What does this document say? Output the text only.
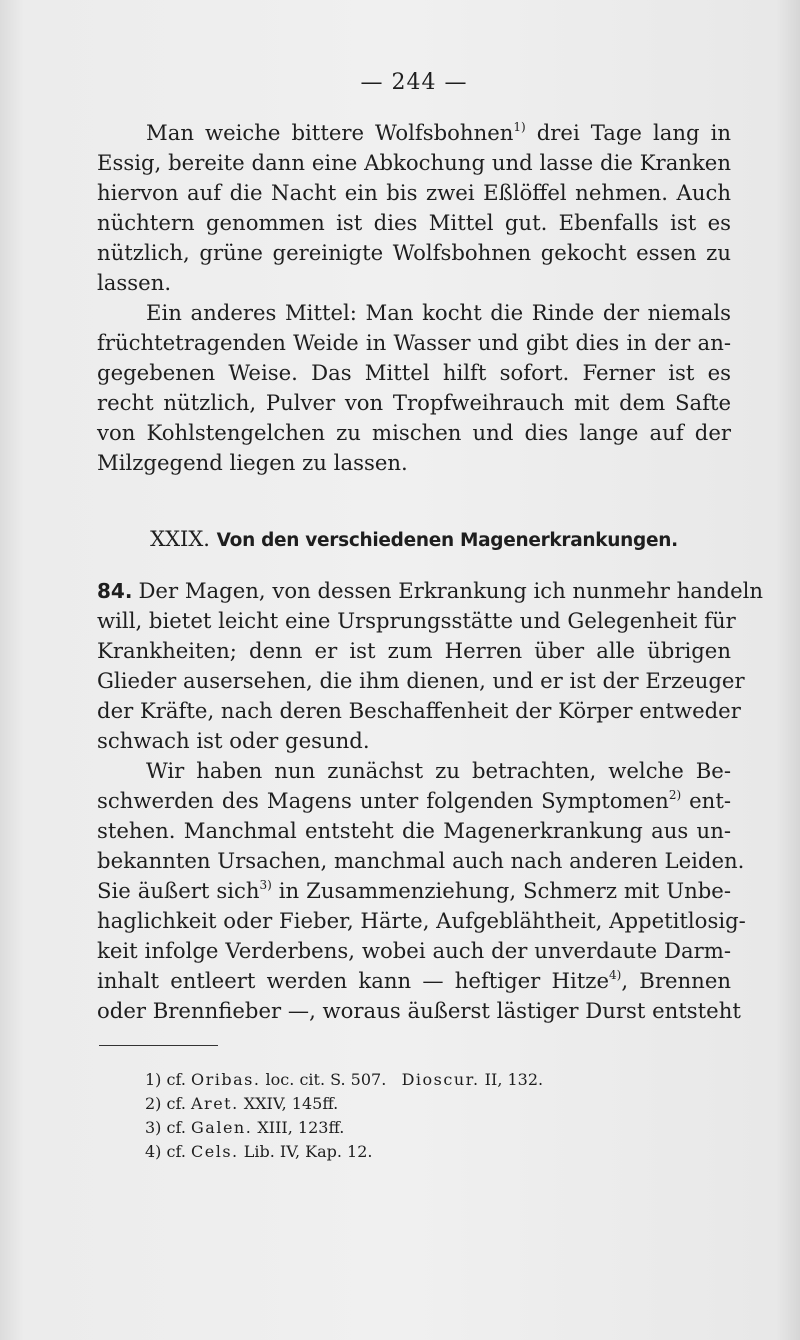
— 244 —
Man weiche bittere Wolfsbohnen$^{1)}$ drei Tage lang in
Essig, bereite dann eine Abkochung und lasse die Kranken
hiervon auf die Nacht ein bis zwei Eßlöffel nehmen. Auch
nüchtern genommen ist dies Mittel gut. Ebenfalls ist es
nützlich, grüne gereinigte Wolfsbohnen gekocht essen zu
lassen.
Ein anderes Mittel: Man kocht die Rinde der niemals
früchtetragenden Weide in Wasser und gibt dies in der an-
gegebenen Weise. Das Mittel hilft sofort. Ferner ist es
recht nützlich, Pulver von Tropfweihrauch mit dem Safte
von Kohlstengelchen zu mischen und dies lange auf der
Milzgegend liegen zu lassen.
XXIX. Von den verschiedenen Magenerkrankungen.
84. Der Magen, von dessen Erkrankung ich nunmehr handeln
will, bietet leicht eine Ursprungsstätte und Gelegenheit für
Krankheiten; denn er ist zum Herren über alle übrigen
Glieder ausersehen, die ihm dienen, und er ist der Erzeuger
der Kräfte, nach deren Beschaffenheit der Körper entweder
schwach ist oder gesund.
Wir haben nun zunächst zu betrachten, welche Be-
schwerden des Magens unter folgenden Symptomen$^{2)}$ ent-
stehen. Manchmal entsteht die Magenerkrankung aus un-
bekannten Ursachen, manchmal auch nach anderen Leiden.
Sie äußert sich$^{3)}$ in Zusammenziehung, Schmerz mit Unbe-
haglichkeit oder Fieber, Härte, Aufgeblähtheit, Appetitlosig-
keit infolge Verderbens, wobei auch der unverdaute Darm-
inhalt entleert werden kann — heftiger Hitze$^{4)}$, Brennen
oder Brennfieber —, woraus äußerst lästiger Durst entsteht
1) cf. Oribas. loc. cit. S. 507.   Dioscur. II, 132.
2) cf. Aret. XXIV, 145ff.
3) cf. Galen. XIII, 123ff.
4) cf. Cels. Lib. IV, Kap. 12.
